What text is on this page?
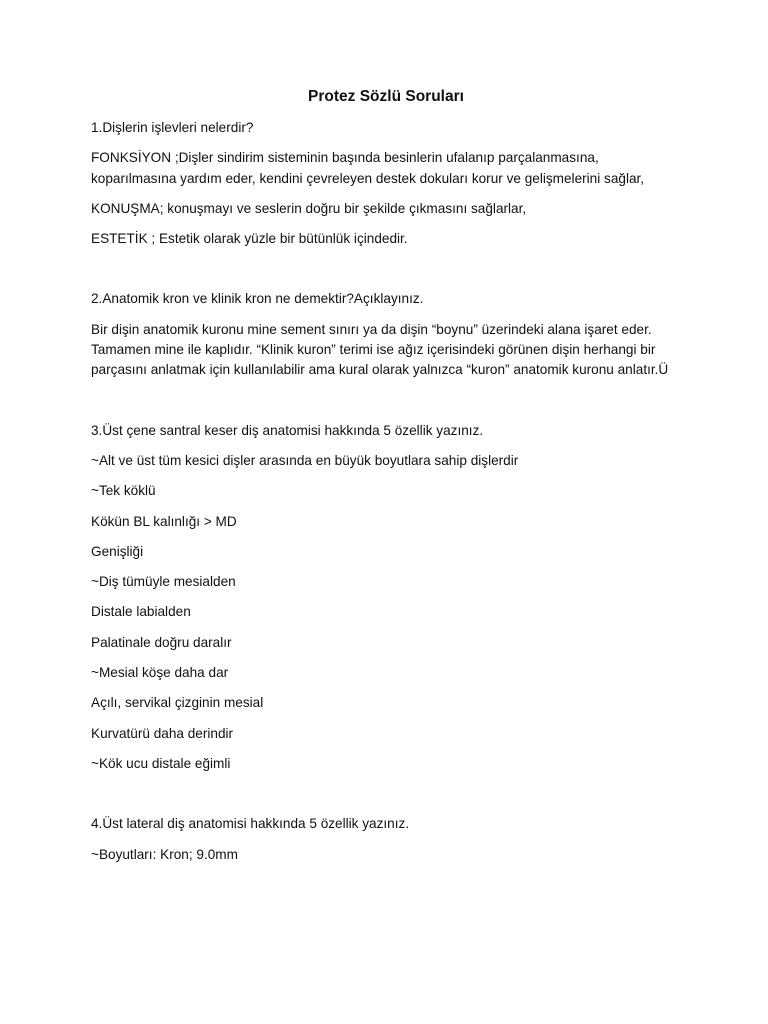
Protez Sözlü Soruları
1.Dişlerin işlevleri nelerdir?
FONKSİYON ;Dişler sindirim sisteminin başında besinlerin ufalanıp parçalanmasına, koparılmasına yardım eder, kendini çevreleyen destek dokuları korur ve gelişmelerini sağlar,
KONUŞMA; konuşmayı ve seslerin doğru bir şekilde çıkmasını sağlarlar,
ESTETİK ; Estetik olarak yüzle bir bütünlük içindedir.
2.Anatomik kron ve klinik kron ne demektir?Açıklayınız.
Bir dişin anatomik kuronu mine sement sınırı ya da dişin “boynu” üzerindeki alana işaret eder. Tamamen mine ile kaplıdır. “Klinik kuron” terimi ise ağız içerisindeki görünen dişin herhangi bir parçasını anlatmak için kullanılabilir ama kural olarak yalnızca “kuron” anatomik kuronu anlatır.Ü
3.Üst çene santral keser diş anatomisi hakkında 5 özellik yazınız.
~Alt ve üst tüm kesici dişler arasında en büyük boyutlara sahip dişlerdir
~Tek köklü
Kökün BL kalınlığı > MD
Genişliği
~Diş tümüyle mesialden
Distale labialden
Palatinale doğru daralır
~Mesial köşe daha dar
Açılı, servikal çizginin mesial
Kurvatürü daha derindir
~Kök ucu distale eğimli
4.Üst lateral diş anatomisi hakkında 5 özellik yazınız.
~Boyutları: Kron; 9.0mm
